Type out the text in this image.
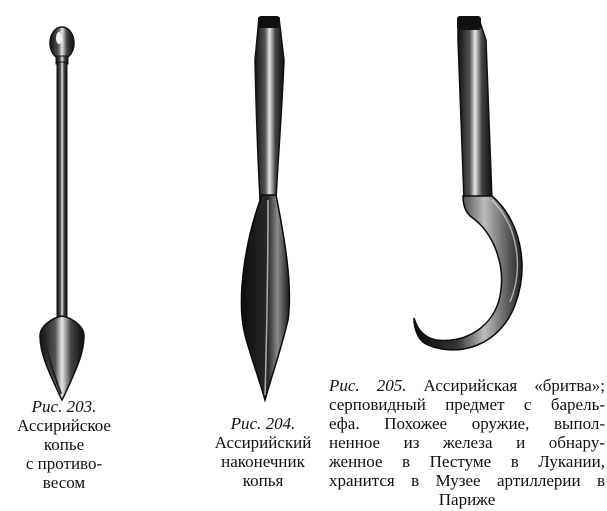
Рис. 203.
Ассирийское
копье
с противо-
весом
Рис. 204.
Ассирийский
наконечник
копья
Рис. 205. Ассирийская «бритва»;
серповидный предмет с барель-
ефа. Похожее оружие, выпол-
ненное из железа и обнару-
женное в Пестуме в Лукании,
хранится в Музее артиллерии в
Париже
